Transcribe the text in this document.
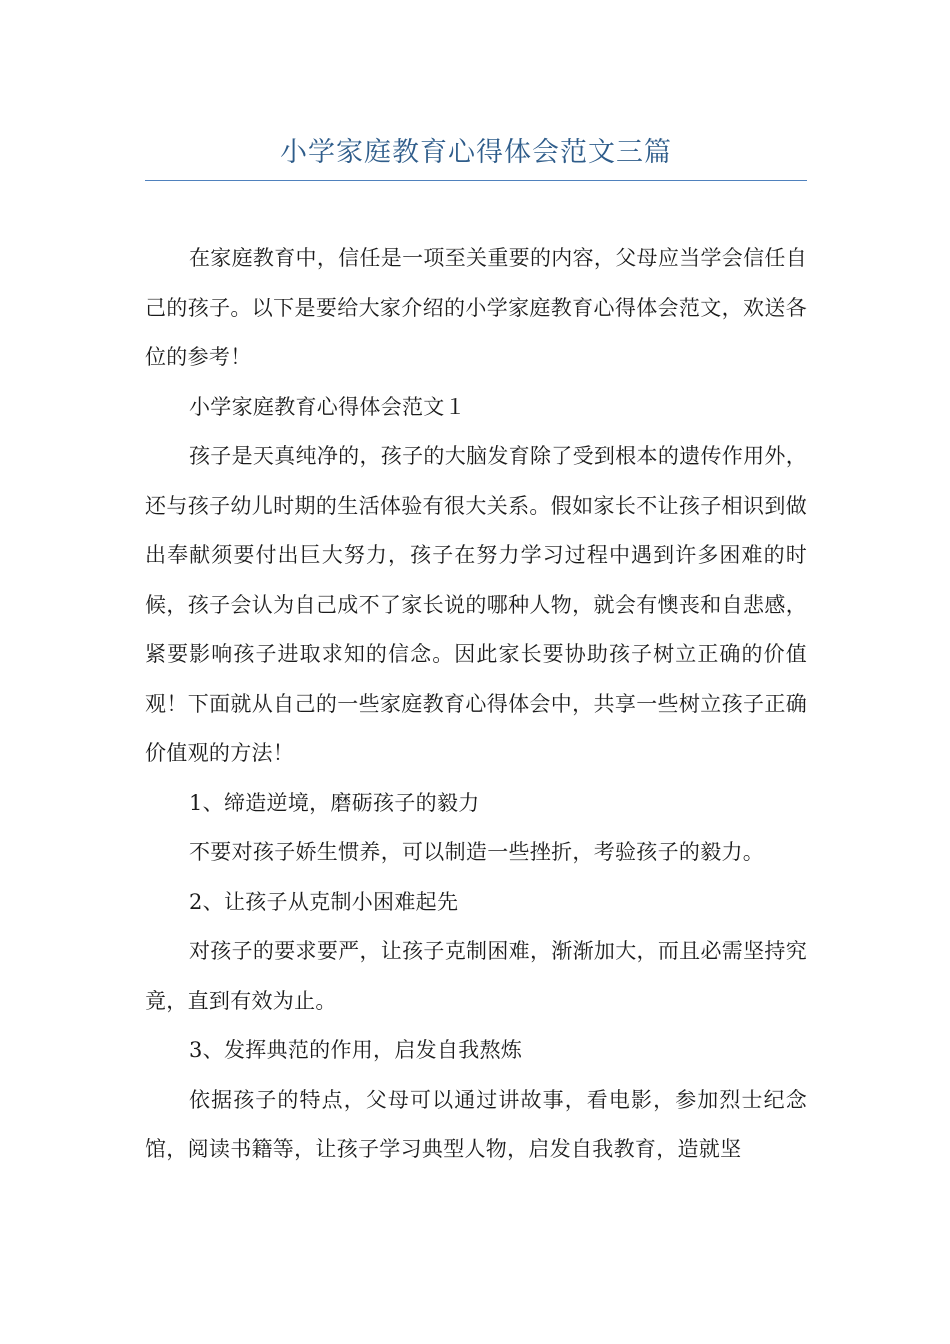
小学家庭教育心得体会范文三篇

在家庭教育中，信任是一项至关重要的内容，父母应当学会信任自己的孩子。以下是要给大家介绍的小学家庭教育心得体会范文，欢送各位的参考！

小学家庭教育心得体会范文１

孩子是天真纯净的，孩子的大脑发育除了受到根本的遗传作用外，还与孩子幼儿时期的生活体验有很大关系。假如家长不让孩子相识到做出奉献须要付出巨大努力，孩子在努力学习过程中遇到许多困难的时候，孩子会认为自己成不了家长说的哪种人物，就会有懊丧和自悲感，紧要影响孩子进取求知的信念。因此家长要协助孩子树立正确的价值观！下面就从自己的一些家庭教育心得体会中，共享一些树立孩子正确价值观的方法！

1、缔造逆境，磨砺孩子的毅力

不要对孩子娇生惯养，可以制造一些挫折，考验孩子的毅力。

2、让孩子从克制小困难起先

对孩子的要求要严，让孩子克制困难，渐渐加大，而且必需坚持究竟，直到有效为止。

3、发挥典范的作用，启发自我熬炼

依据孩子的特点，父母可以通过讲故事，看电影，参加烈士纪念馆，阅读书籍等，让孩子学习典型人物，启发自我教育，造就坚
